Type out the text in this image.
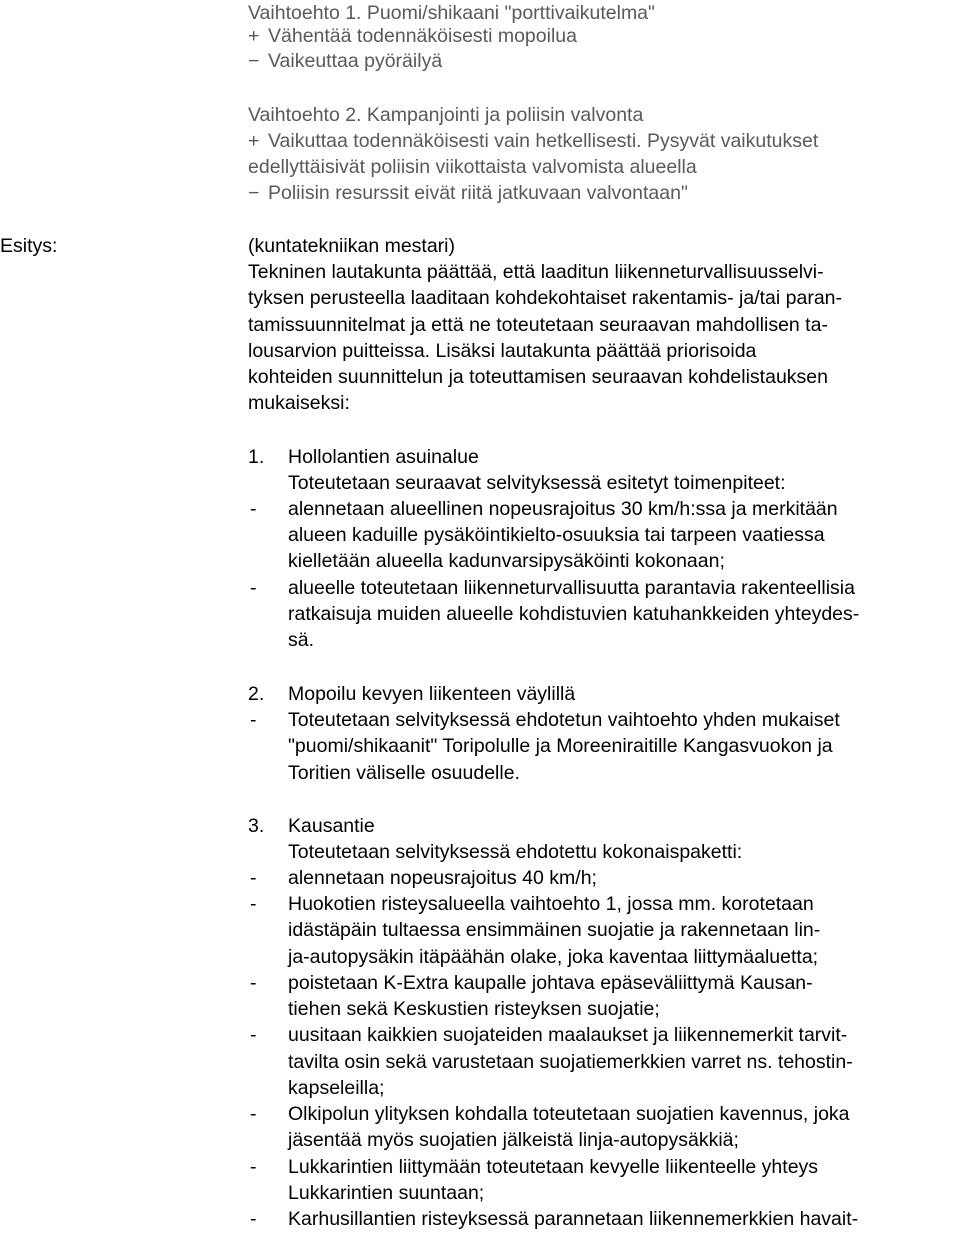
Vaihtoehto 1. Puomi/shikaani "porttivaikutelma"
+ Vähentää todennäköisesti mopoilua
− Vaikeuttaa pyöräilyä
Vaihtoehto 2. Kampanjointi ja poliisin valvonta
+ Vaikuttaa todennäköisesti vain hetkellisesti. Pysyvät vaikutukset
edellyttäisivät poliisin viikottaista valvomista alueella
− Poliisin resurssit eivät riitä jatkuvaan valvontaan"
Esitys:	(kuntatekniikan mestari)
Tekninen lautakunta päättää, että laaditun liikenneturvallisuusselvi-
tyksen perusteella laaditaan kohdekohtaiset rakentamis- ja/tai paran-
tamissuunnitelmat ja että ne toteutetaan seuraavan mahdollisen ta-
lousarvion puitteissa. Lisäksi lautakunta päättää priorisoida
kohteiden suunnittelun ja toteuttamisen seuraavan kohdelistauksen
mukaiseksi:
1. Hollolantien asuinalue
Toteutetaan seuraavat selvityksessä esitetyt toimenpiteet:
- alennetaan alueellinen nopeusrajoitus 30 km/h:ssa ja merkitään
alueen kaduille pysäköintikielto-osuuksia tai tarpeen vaatiessa
kielletään alueella kadunvarsipysäköinti kokonaan;
- alueelle toteutetaan liikenneturvallisuutta parantavia rakenteellisia
ratkaisuja muiden alueelle kohdistuvien katuhankkeiden yhteydes-
sä.
2. Mopoilu kevyen liikenteen väylillä
- Toteutetaan selvityksessä ehdotetun vaihtoehto yhden mukaiset
"puomi/shikaanit" Toripolulle ja Moreeniraitille Kangasvuokon ja
Toritien väliselle osuudelle.
3. Kausantie
Toteutetaan selvityksessä ehdotettu kokonaispaketti:
- alennetaan nopeusrajoitus 40 km/h;
- Huokotien risteysalueella vaihtoehto 1, jossa mm. korotetaan
idästäpäin tultaessa ensimmäinen suojatie ja rakennetaan lin-
ja-autopysäkin itäpäähän olake, joka kaventaa liittymäaluetta;
- poistetaan K-Extra kaupalle johtava epäseväliittymä Kausan-
tiehen sekä Keskustien risteyksen suojatie;
- uusitaan kaikkien suojateiden maalaukset ja liikennemerkit tarvit-
tavilta osin sekä varustetaan suojatiemerkkien varret ns. tehostin-
kapseleilla;
- Olkipolun ylityksen kohdalla toteutetaan suojatien kavennus, joka
jäsentää myös suojatien jälkeistä linja-autopysäkkiä;
- Lukkarintien liittymään toteutetaan kevyelle liikenteelle yhteys
Lukkarintien suuntaan;
- Karhusillantien risteyksessä parannetaan liikennemerkkien havait-
